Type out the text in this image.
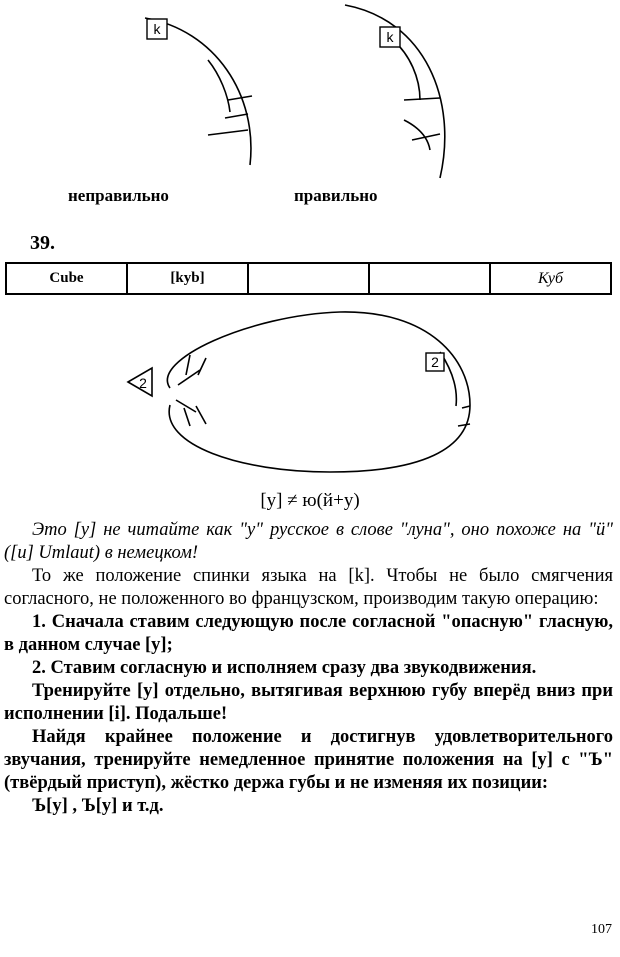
k	k
неправильно	правильно
39.
Cube	[kyb]			Куб
2
2
[y] ≠ ю(й+у)

Это [y] не читайте как "у" русское в слове "луна", оно похоже на "ü" ([u] Umlaut) в немецком!

То же положение спинки языка на [k]. Чтобы не было смягчения согласного, не положенного во французском, производим такую операцию:

1. Сначала ставим следующую после согласной "опасную" гласную, в данном случае [y];

2. Ставим согласную и исполняем сразу два звукодвижения.

Тренируйте [y] отдельно, вытягивая верхнюю губу вперёд вниз при исполнении [i]. Подальше!

Найдя крайнее положение и достигнув удовлетворительного звучания, тренируйте немедленное принятие положения на [y] с "Ъ" (твёрдый приступ), жёстко держа губы и не изменяя их позиции:

Ъ[y] , Ъ[y] и т.д.

107
